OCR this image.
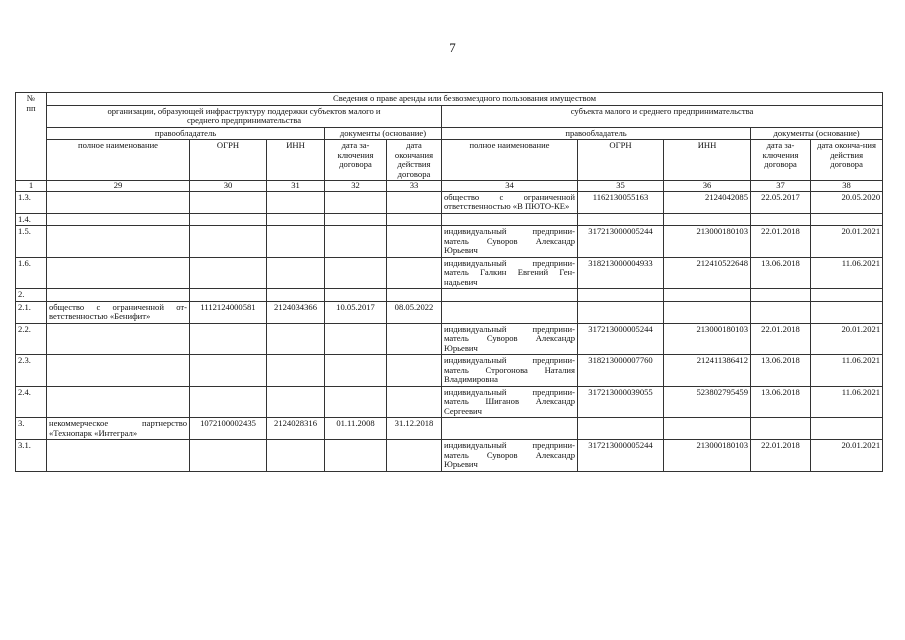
7
№
пп	Сведения о праве аренды или безвозмездного пользования имуществом									
	организации, образующей инфраструктуру поддержки субъектов малого и среднего предпринимательства					субъекта малого и среднего предпринимательства				
	правообладатель			документы (основание)		правообладатель			документы (основание)	
	полное наименование	ОГРН	ИНН	дата за-ключения договора	дата окончания действия договора	полное наименование	ОГРН	ИНН	дата за-ключения договора	дата оконча-ния действия договора
1	29	30	31	32	33	34	35	36	37	38
1.3.						общество с ограниченной ответственностью «В ПЮТО-КЕ»	1162130055163	2124042085	22.05.2017	20.05.2020
1.4.										
1.5.						индивидуальный предприни-матель Суворов Александр Юрьевич	317213000005244	213000180103	22.01.2018	20.01.2021
1.6.						индивидуальный предприни-матель Галкин Евгений Ген-надьевич	318213000004933	212410522648	13.06.2018	11.06.2021
2.										
2.1.	общество с ограниченной от-ветственностью «Бенифит»	1112124000581	2124034366	10.05.2017	08.05.2022					
2.2.						индивидуальный предприни-матель Суворов Александр Юрьевич	317213000005244	213000180103	22.01.2018	20.01.2021
2.3.						индивидуальный предприни-матель Строгонова Наталия Владимировна	318213000007760	212411386412	13.06.2018	11.06.2021
2.4.						индивидуальный предприни-матель Шиганов Александр Сергеевич	317213000039055	523802795459	13.06.2018	11.06.2021
3.	некоммерческое партнерство «Технопарк «Интеграл»	1072100002435	2124028316	01.11.2008	31.12.2018					
3.1.						индивидуальный предприни-матель Суворов Александр Юрьевич	317213000005244	213000180103	22.01.2018	20.01.2021
